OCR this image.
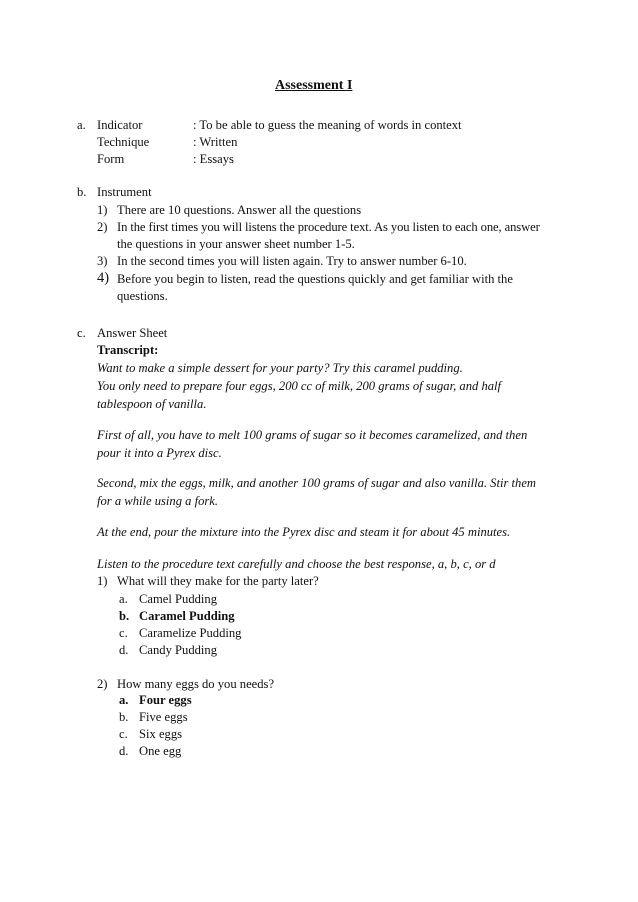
Assessment I
a. Indicator	: To be able to guess the meaning of words in context
Technique	: Written
Form	: Essays
b. Instrument
1) There are 10 questions. Answer all the questions
2) In the first times you will listens the procedure text. As you listen to each one, answer
the questions in your answer sheet number 1-5.
3) In the second times you will listen again. Try to answer number 6-10.
4) Before you begin to listen, read the questions quickly and get familiar with the
questions.
c. Answer Sheet
Transcript:
Want to make a simple dessert for your party? Try this caramel pudding.
You only need to prepare four eggs, 200 cc of milk, 200 grams of sugar, and half
tablespoon of vanilla.
First of all, you have to melt 100 grams of sugar so it becomes caramelized, and then
pour it into a Pyrex disc.
Second, mix the eggs, milk, and another 100 grams of sugar and also vanilla. Stir them
for a while using a fork.
At the end, pour the mixture into the Pyrex disc and steam it for about 45 minutes.
Listen to the procedure text carefully and choose the best response, a, b, c, or d
1) What will they make for the party later?
a. Camel Pudding
b. Caramel Pudding
c. Caramelize Pudding
d. Candy Pudding
2) How many eggs do you needs?
a. Four eggs
b. Five eggs
c. Six eggs
d. One egg
